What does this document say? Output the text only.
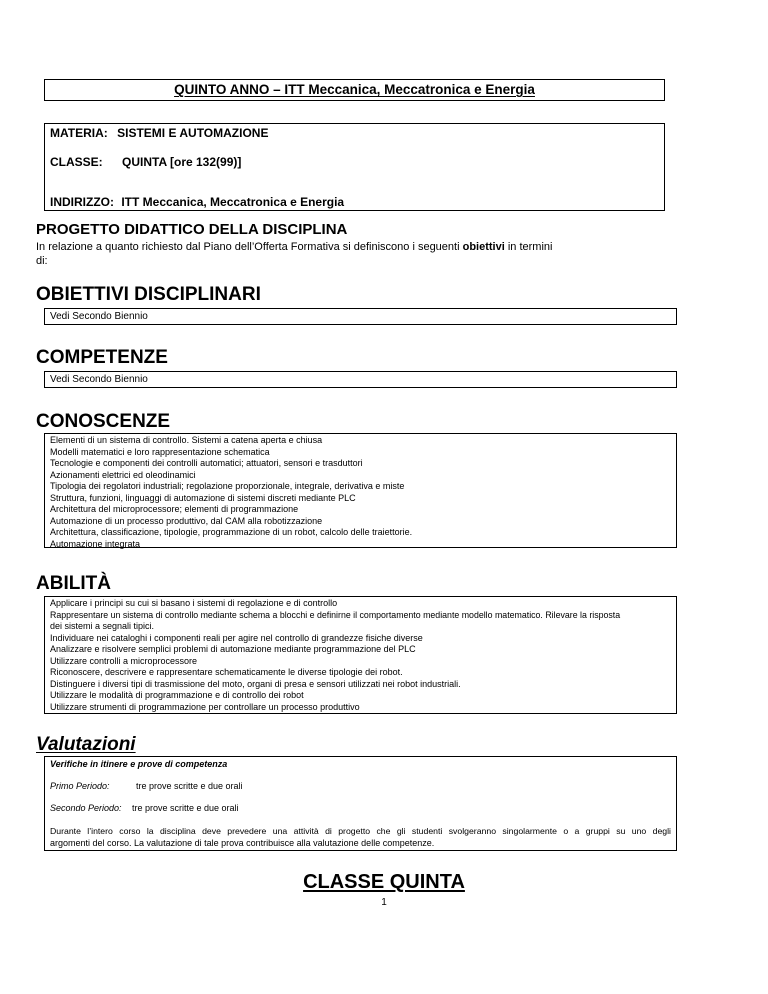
QUINTO ANNO – ITT Meccanica, Meccatronica e Energia
MATERIA: SISTEMI E AUTOMAZIONE
CLASSE: QUINTA [ore 132(99)]
INDIRIZZO: ITT Meccanica, Meccatronica e Energia
PROGETTO DIDATTICO DELLA DISCIPLINA
In relazione a quanto richiesto dal Piano dell’Offerta Formativa si definiscono i seguenti obiettivi in termini
di:
OBIETTIVI DISCIPLINARI
Vedi Secondo Biennio
COMPETENZE
Vedi Secondo Biennio
CONOSCENZE
Elementi di un sistema di controllo. Sistemi a catena aperta e chiusa
Modelli matematici e loro rappresentazione schematica
Tecnologie e componenti dei controlli automatici; attuatori, sensori e trasduttori
Azionamenti elettrici ed oleodinamici
Tipologia dei regolatori industriali; regolazione proporzionale, integrale, derivativa e miste
Struttura, funzioni, linguaggi di automazione di sistemi discreti mediante PLC
Architettura del microprocessore; elementi di programmazione
Automazione di un processo produttivo, dal CAM alla robotizzazione
Architettura, classificazione, tipologie, programmazione di un robot, calcolo delle traiettorie.
Automazione integrata
ABILITÀ
Applicare i principi su cui si basano i sistemi di regolazione e di controllo
Rappresentare un sistema di controllo mediante schema a blocchi e definirne il comportamento mediante modello matematico. Rilevare la risposta
dei sistemi a segnali tipici.
Individuare nei cataloghi i componenti reali per agire nel controllo di grandezze fisiche diverse
Analizzare e risolvere semplici problemi di automazione mediante programmazione del PLC
Utilizzare controlli a microprocessore
Riconoscere, descrivere e rappresentare schematicamente le diverse tipologie dei robot.
Distinguere i diversi tipi di trasmissione del moto, organi di presa e sensori utilizzati nei robot industriali.
Utilizzare le modalità di programmazione e di controllo dei robot
Utilizzare strumenti di programmazione per controllare un processo produttivo
Valutazioni
Verifiche in itinere e prove di competenza
Primo Periodo:	tre prove scritte e due orali
Secondo Periodo: tre prove scritte e due orali
Durante l’intero corso la disciplina deve prevedere una attività di progetto che gli studenti svolgeranno singolarmente o a gruppi su uno degli
argomenti del corso. La valutazione di tale prova contribuisce alla valutazione delle competenze.
CLASSE QUINTA
1
